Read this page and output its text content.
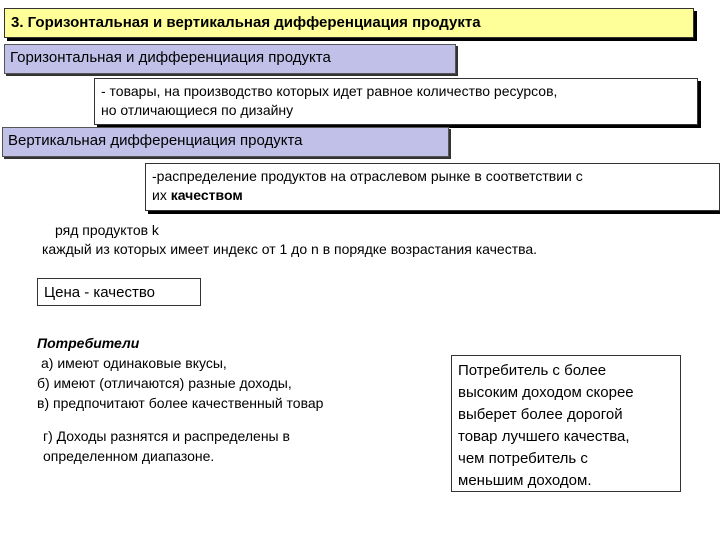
3. Горизонтальная и вертикальная дифференциация продукта
Горизонтальная и дифференциация продукта
- товары, на производство которых идет равное количество ресурсов,
но отличающиеся по дизайну
Вертикальная дифференциация продукта
-распределение продуктов на отраслевом рынке в соответствии с
их качеством
ряд продуктов k
каждый из которых имеет индекс от 1 до n в порядке возрастания качества.
Цена - качество
Потребители
а) имеют одинаковые вкусы,
б) имеют (отличаются) разные доходы,
в) предпочитают более качественный товар
г) Доходы разнятся и распределены в
определенном диапазоне.
Потребитель с более
высоким доходом скорее
выберет более дорогой
товар лучшего качества,
чем потребитель с
меньшим доходом.
